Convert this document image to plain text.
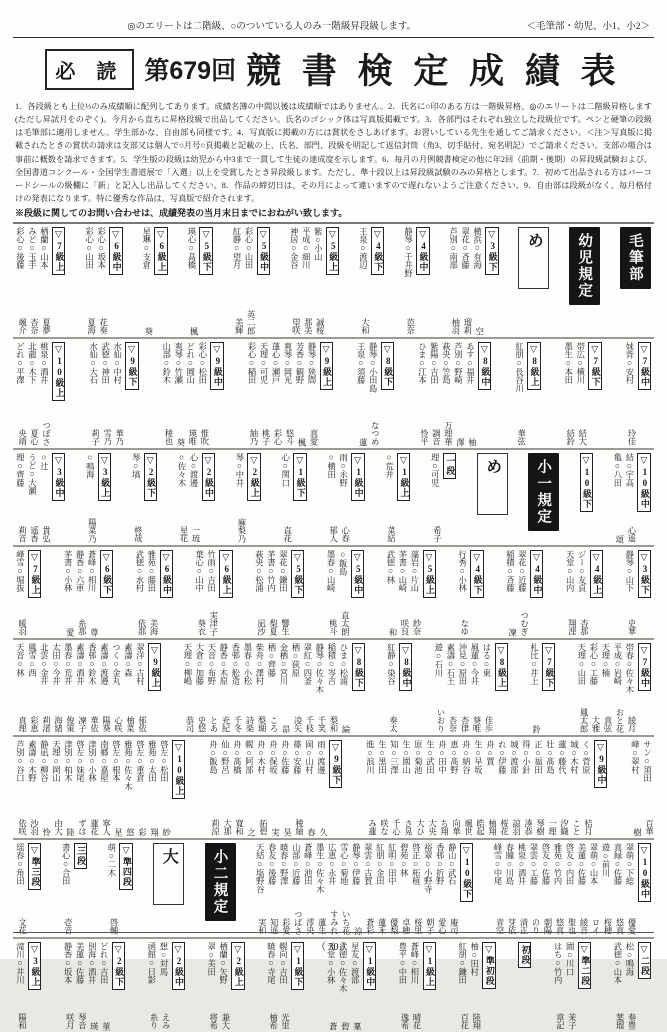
◎のエリートは二階級、○のついている人のみ一階級昇段級します。	＜毛筆部・幼児、小1、小2＞
必 読 第679回 競 書 検 定 成 績 表
1．各段級とも上位⅓のみ成績順に配列してあります。成績名簿の中間以後は成績順ではありません。2．氏名に○印のある方は一階級昇格、◎のエリートは二階級昇格します(ただし昇試月をのぞく)。今月から直ちに昇格段級で出品してください。氏名のゴシック体は写真版掲載です。3．各部門はそれぞれ独立した段級位です。ペンと硬筆の段級は毛筆部に適用しません。学生部かな、自由部も同様です。4．写真版に掲載の方には賞状をさしあげます。お習いしている先生を通してご請求ください。＜注＞写真版に掲載されたときの賞状の請求は支部又は個人で○月号○頁掲載と記載の上、氏名、部門、段級を明記して返信封筒（角3、切手貼付、宛名明記）でご請求ください。支部の場合は事前に概数を請求できます。5．学生版の段級は幼児から中3まで一貫して生徒の達成度を示します。6．毎月の月例競書検定の他に年2回（前期・後期）の昇段級試験および、全国書道コンクール・全国学生書道展で「入選」以上を受賞したとき昇段級します。ただし、準十段以上は昇段級試験のみの昇格とします。7．初めて出品される方はバーコードシールの級欄に「新」と記入し出品してください。8．作品の締切日は、その月によって違いますので遅れないようご注意ください。9．自由部は段級がなく、毎月格付けの発表になります。特に優秀な作品は、写真版で紹介されます。
※段級に関してのお問い合わせは、成績発表の当月末日までにおねがい致します。
毛筆部
幼児規定
め
▽3級下
横浜○有海
空
翠花○斉藤
瑠莉
芦別○南部
柚羽
▽4級中
静琴○千井野
芭奈
▽4級下
王泉○渡辺
大和
▽5級上
紫○小山
誠桜
平成○細川
那美
神居○金谷
望咲
▽5級中
彩心○山田
英二郎
紅静○望月
美輝
▽5級下
瑛心○髙橋
楓
▽6級上
星琳○支倉
葵
▽6級中
彩心○坂本
花奏
彩心○山田
夏海
▽7級上
栖蘭○山本
夏夢
みど○玉手
杏奈
彩心○後藤
颯介
▽7級中
妹背○安村
玲佳
▽7級下
帯広○横川
結大
墨生○本田
結鈴
▽8級上
紅朋○長谷川
華弦
▽8級中
あす○福井
柚
芦別○野崎
澤
萩央○笠島
万理華
紫陽○吉田
調音
ひま○江本
怜平
▽8級下
静琴○小田島
なつめ
王泉○須藤
蓮
▽9級上
静琴○狭間
真愛
芳香○観野
楓
爽琴○岡光
悠斗
蓬心○瀬戸
彩心
天理○可児
桃子
彩心○稲田
紬乃
▽9級中
彩心○松田
惟吹
どれ○圓山
瑛唯
爽琴○竹瀬
葵
山部○鈴木
稜也
▽9級下
水仙○中村
華乃
武徳○神田
雪乃
水仙○大石
莉子
▽10級上
桃泉○酒井
つぼさ
北龍○木下
夏心
どれ○平澤
央靖
▽10級中
結○宇高
心遥
亀○八田
頌
▽10級下
小一規定
め
一段
理○可児
希子
▽1級上
○荒井
菜結
▽1級中
雨○永野
心春
○横田
郁人
▽1級下
心○関口
直花
▽2級上
琴○中井
麻梨乃
▽2級中
心○渡邊
一琉
○佐々木
星花
▽2級下
琴○塙
柊哉
▽3級上
○鳴海
陽菜乃
▽3級中
○辻
貴弘
うど○大瀬
遥香
理○齊藤
莉音
▽3級下
静琴○山下
史華
▽4級上
ジー○友貞
杏那
天堂○山内
翔浬
▽4級中
翠花○近藤
つむぎ
稲積○斉藤
凜
▽4級下
行秀○小林
なゆ
▽5級上
藻岩○片山
紗奈
茅書○山崎
咲良
武徳○林
和
▽5級中
○飯島
直太朗
墨春○山崎
桃斗
▽5級下
翠花○鎌田
響生
茅書○竹内
梨夏
萩央○松浦
凪沙
▽6級上
竹雨○吉田
実津子
葉心○山中
葵衣
▽6級中
雅苑○藤田
美海
武徳○水村
依那
▽6級下
蒼峰○相川
尊
静香○六車
糸那
茅書○小林
愛
▽7級上
峰雪○堀抜
暖羽
▽7級中
帯春○佐々木
綾月
平成○岩崎
おと花
天理○楠
真弦
彩心○工藤
大雅
天理○山田
鳳太郎
▽7級下
札比○井上
鈴
▽8級上
はる○東
佳歩
風蓮○今井
葵唯
沖見○原田
杏律
素濤○石王
杏奈
遊○石川
いおり
▽8級中
紅静○染谷
奏太
▽8級下
ひま○松浦
綸
稲積○岑吉
梨和
静琴○佐々木
千笑
翠紅○四釜
千枝
栖○荻原
凌矢
金栖○宮川
昴
栖○齊藤
ころ
柴舟○澤村
梨瑚
墨春○小松
詩楽
香邨○舩造
千冬
静香○木原
充紀
天音○布野
とあ
大倉○加藤
史悠
天理○柳嶋
恭司
▽9級上
翠洋○古村
郁依
素濤○森
柚菜
つく○金丸
心咲
素濤○渡邉
陽葵
香邨○鈴木
華依
素濤○酒井
凜子
墨春○荒井
俊策
太田○今井
海緒
北雲○金井
莉渚
鳳雪○西
彩恵
天音○林
真理
サン○須田
百華
峰○翠村
樹
▽9級中
く○菅原
桔月
城○木村
こと
蓮○藤代
汐織
壮○髙島
一理
正○福田
琴樹
得○小針
湊恭
城○渡部
諒羽
れ○伊藤
桜花
舟○賈
柚翔
生○早坂
皓起
舟○納谷
颯世
恵○髙野
向華
舟○田中
ち翔
生○武田
大央
原○菊池
大ひ
生○園山
さ晃
知○三澤
千心
生○黒田
咲な
進○浪川
み蓮
▽9級下
雨○渡邊
久
岡○山村
春
篠○安藤
稜紬
舟○佐藤
昊
舟○保坂
実
舟○木村
拓碧
幌○阿部
之
舟○髙橋
寛和
仙○野呂
大那
舟○飯島
莉涼
▽10級上
啓左○松田
紗
雅苑○太田
翔
啓左○重倉
彩
雅苑○佐々木
悠
啓左○根本
星
南郷○嘉屋
寧人
津別○小林
蓮花
啓左○妹尾
ずは
津別○柏木
陸
天理○岡山
由大
静凪○柳谷
怜
素濤○木野
沙羽
芦別○谷口
依咲
▽10級中
翠萌○下総
優愛
真緑○佐藤
悠真
遊○前川
桜穂
翠萌○山本
ロイ
美蓮○佐藤
綾音
啓友○内田
聖也
雅苑○竹内
悠真
啓友○佐藤
朝陽
翠雲○工藤
のり
桃泉○酒井
清正
春瞳○川島
芽依
峰雪○中尾
青空
▽10級下
静山○武石
庵司
香邨○折野
愛心
裕翠○小野寺
朝子
啓正○柘植
桜里
碧苑○林
卓穂
紅明○田中
優梨
紅朋○金田
蓮禾
翠雲○古賀
蒼彩
静琴○伊藤
涼
雪心○菊地
いち花
広恵○永井
すみれ
墨生○佐々木
蓮生
蒼峰○池田
澪央
山部○近藤
つばさ
暁春○野澤
彩愛
春友○後藤
知遥
天結○塩野谷
実和
小二規定
大
▽準四段
萌○二木
啓輔
三段
書心○合田
壱音
▽準三段
瑶春○角田
文花
▽二段
松○鳴海
奏豊
武徳○山本
葉瑠
▽準二段
園○川口
茉子
はち○竹内
章記
初段
▽準初段
柚○田村
陸翔
紅朋○鎌田
百花
▽1級上
蒼峰○相川
晴花
豊平○中田
逸希
▽1級中
星友○渡部
稟
武徳○佐々木
碧
天堂○小林
蒼
▽1級下
幌向○吉田
光里
暁春○寺尾
柚希
▽2級上
栖蘭○矢野
兼大
翠○美田
将希
▽2級中
想○対馬
えみ
函館○日影
糸り
▽2級下
どれ○吉田
菫
別海○酒井
瑛
美蓮○佐藤
琴音
静香○坂本
咲月
▽3級上
滝川○井川
陽和
（ 30 ）
